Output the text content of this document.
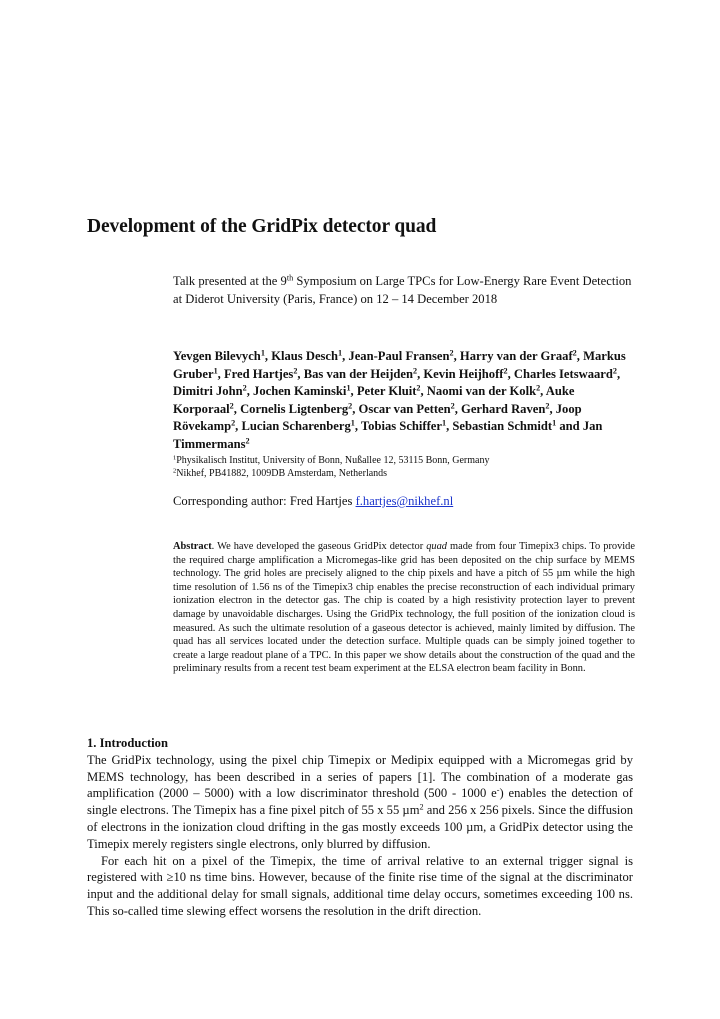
Development of the GridPix detector quad
Talk presented at the 9th Symposium on Large TPCs for Low-Energy Rare Event Detection at Diderot University (Paris, France) on 12 – 14 December 2018
Yevgen Bilevych$^1$, Klaus Desch$^1$, Jean-Paul Fransen$^2$, Harry van der Graaf$^2$, Markus Gruber$^1$, Fred Hartjes$^2$, Bas van der Heijden$^2$, Kevin Heijhoff$^2$, Charles Ietswaard$^2$, Dimitri John$^2$, Jochen Kaminski$^1$, Peter Kluit$^2$, Naomi van der Kolk$^2$, Auke Korporaal$^2$, Cornelis Ligtenberg$^2$, Oscar van Petten$^2$, Gerhard Raven$^2$, Joop Rövekamp$^2$, Lucian Scharenberg$^1$, Tobias Schiffer$^1$, Sebastian Schmidt$^1$ and Jan Timmermans$^2$
$^1$Physikalisch Institut, University of Bonn, Nußallee 12, 53115 Bonn, Germany
$^2$Nikhef, PB41882, 1009DB Amsterdam, Netherlands
Corresponding author: Fred Hartjes f.hartjes@nikhef.nl
Abstract. We have developed the gaseous GridPix detector quad made from four Timepix3 chips. To provide the required charge amplification a Micromegas-like grid has been deposited on the chip surface by MEMS technology. The grid holes are precisely aligned to the chip pixels and have a pitch of 55 µm while the high time resolution of 1.56 ns of the Timepix3 chip enables the precise reconstruction of each individual primary ionization electron in the detector gas. The chip is coated by a high resistivity protection layer to prevent damage by unavoidable discharges. Using the GridPix technology, the full position of the ionization cloud is measured. As such the ultimate resolution of a gaseous detector is achieved, mainly limited by diffusion. The quad has all services located under the detection surface. Multiple quads can be simply joined together to create a large readout plane of a TPC. In this paper we show details about the construction of the quad and the preliminary results from a recent test beam experiment at the ELSA electron beam facility in Bonn.
1. Introduction

The GridPix technology, using the pixel chip Timepix or Medipix equipped with a Micromegas grid by MEMS technology, has been described in a series of papers [1]. The combination of a moderate gas amplification (2000 – 5000) with a low discriminator threshold (500 - 1000 e-) enables the detection of single electrons. The Timepix has a fine pixel pitch of 55 x 55 µm$^2$ and 256 x 256 pixels. Since the diffusion of electrons in the ionization cloud drifting in the gas mostly exceeds 100 µm, a GridPix detector using the Timepix merely registers single electrons, only blurred by diffusion.

For each hit on a pixel of the Timepix, the time of arrival relative to an external trigger signal is registered with ≥10 ns time bins. However, because of the finite rise time of the signal at the discriminator input and the additional delay for small signals, additional time delay occurs, sometimes exceeding 100 ns. This so-called time slewing effect worsens the resolution in the drift direction.
